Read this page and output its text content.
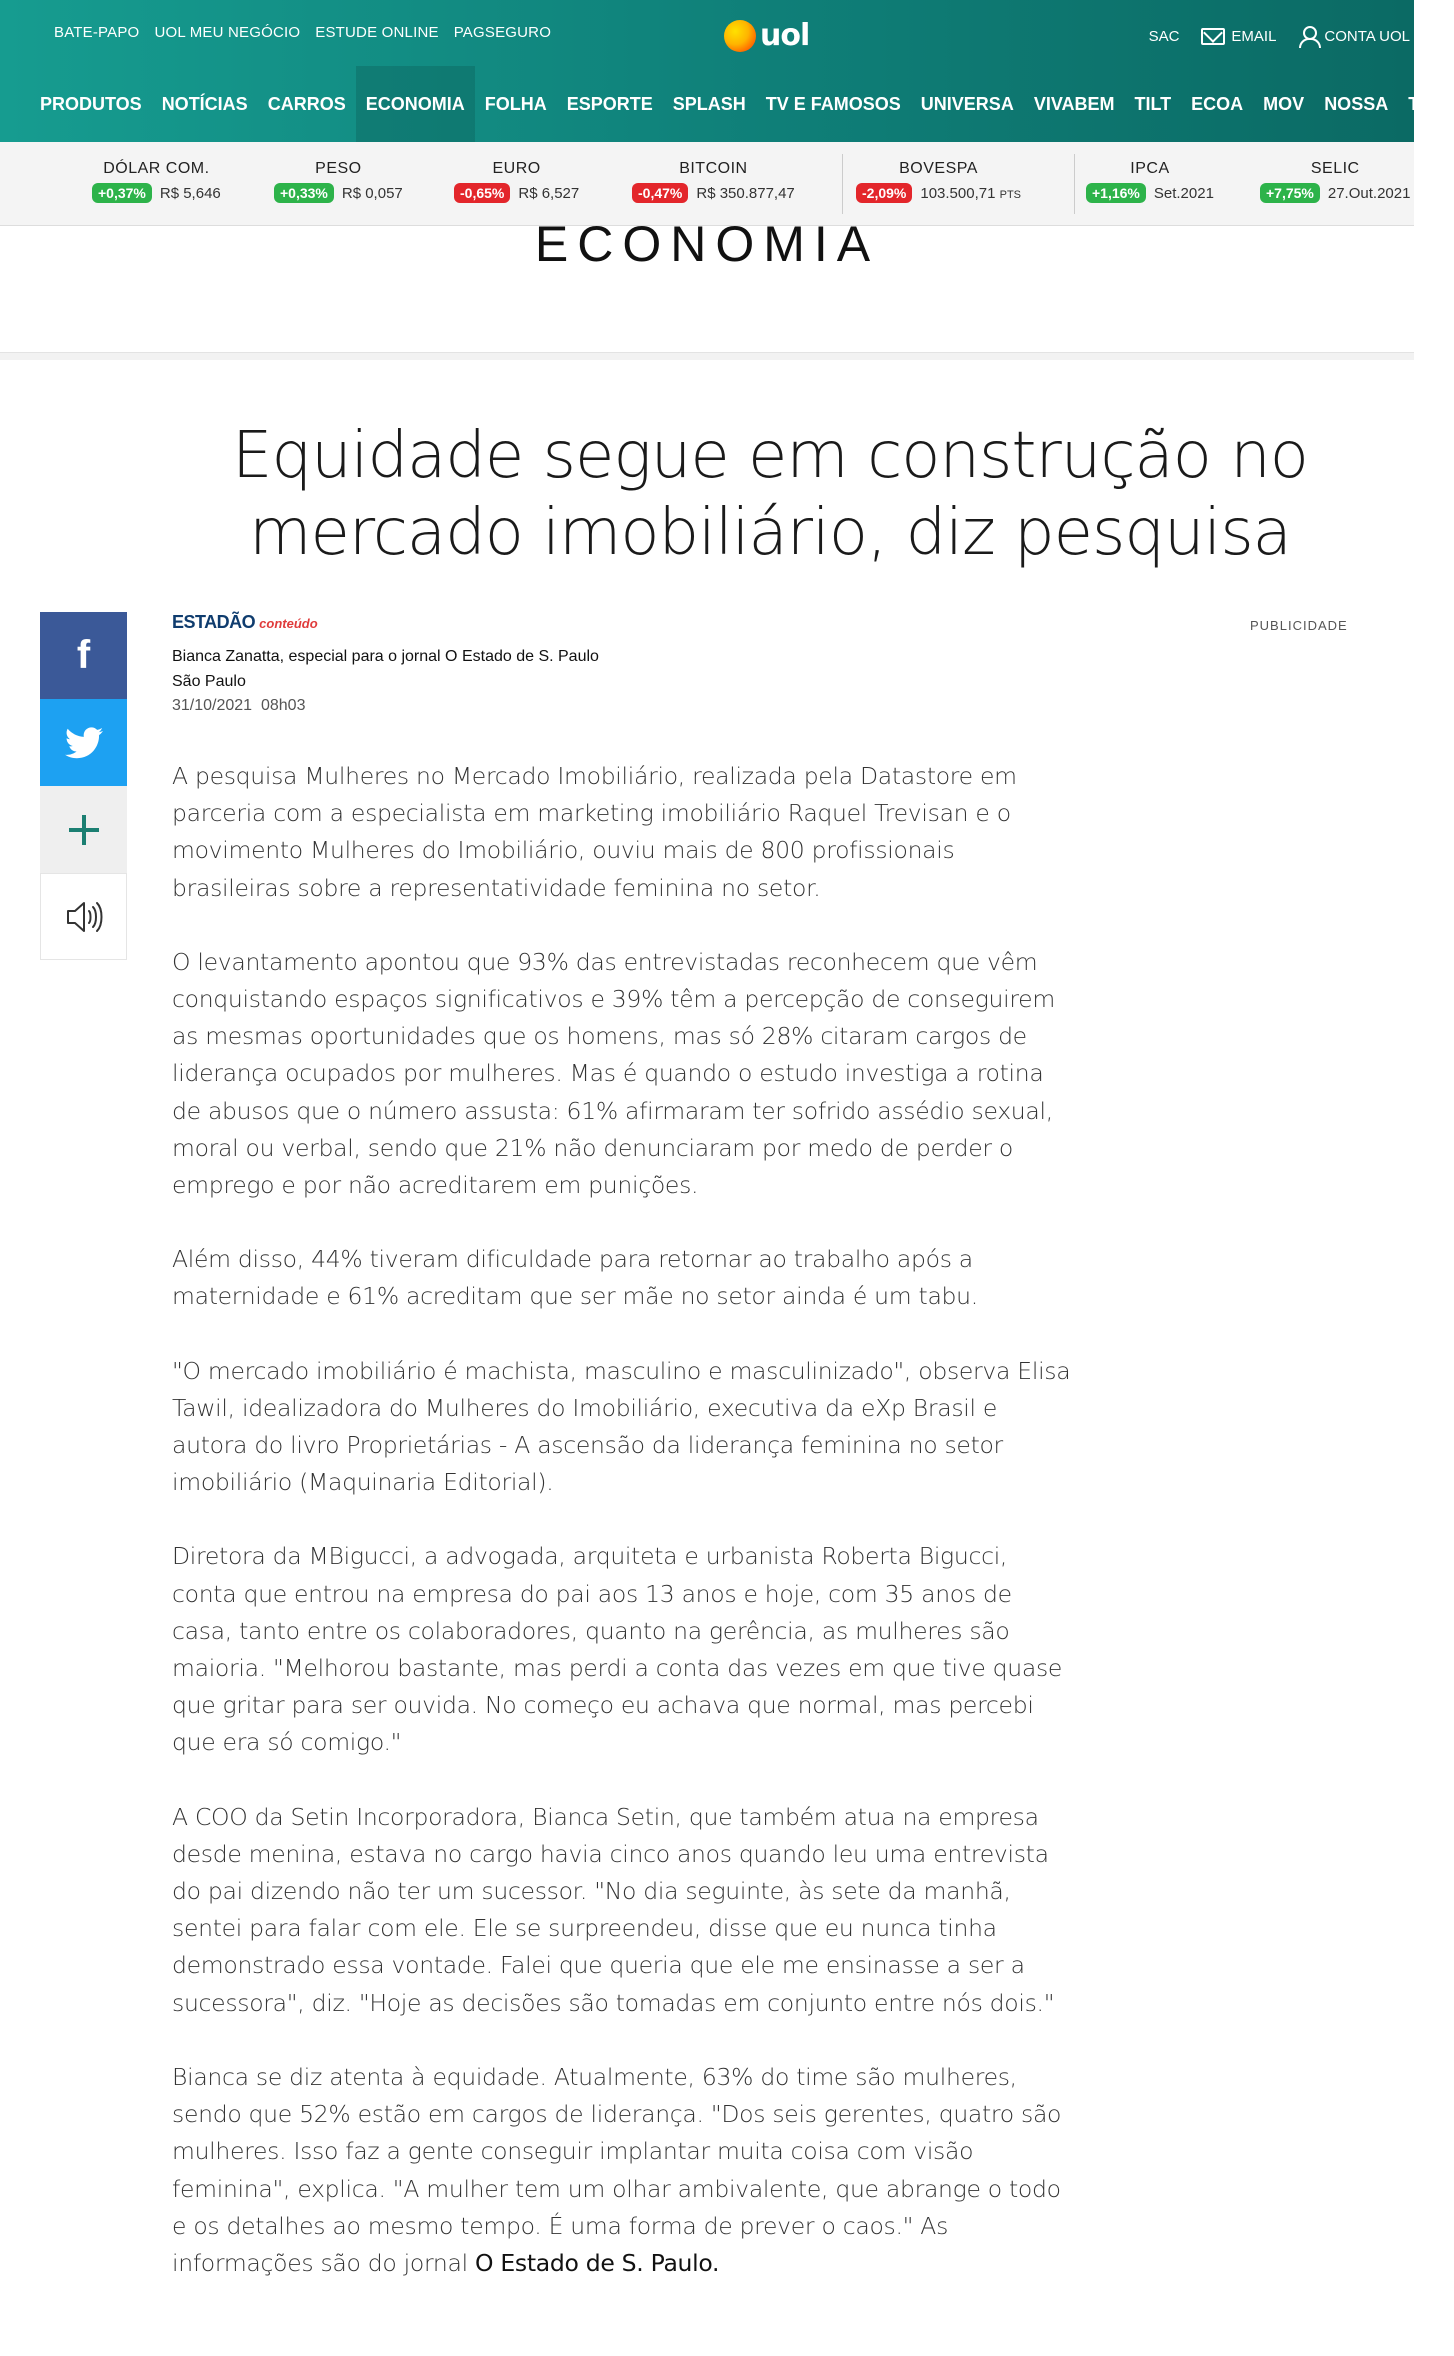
BATE-PAPO UOL MEU NEGÓCIO ESTUDE ONLINE PAGSEGURO	uol	SAC	EMAIL	CONTA UOL
PRODUTOS	NOTÍCIAS	CARROS	ECONOMIA	FOLHA	ESPORTE	SPLASH	TV E FAMOSOS	UNIVERSA	VIVABEM	TILT	ECOA	MOV	NOSSA	TAB
DÓLAR COM.
+0,37% R$ 5,646
PESO
+0,33% R$ 0,057
EURO
-0,65% R$ 6,527
BITCOIN
-0,47% R$ 350.877,47
BOVESPA
-2,09% 103.500,71 PTS
IPCA
+1,16% Set.2021
SELIC
+7,75% 27.Out.2021
ECONOMIA
Equidade segue em construção no mercado imobiliário, diz pesquisa
f
ESTADÃO conteúdo
Bianca Zanatta, especial para o jornal O Estado de S. Paulo
São Paulo
31/10/2021 08h03
PUBLICIDADE

A pesquisa Mulheres no Mercado Imobiliário, realizada pela Datastore em parceria com a especialista em marketing imobiliário Raquel Trevisan e o movimento Mulheres do Imobiliário, ouviu mais de 800 profissionais brasileiras sobre a representatividade feminina no setor.

O levantamento apontou que 93% das entrevistadas reconhecem que vêm conquistando espaços significativos e 39% têm a percepção de conseguirem as mesmas oportunidades que os homens, mas só 28% citaram cargos de liderança ocupados por mulheres. Mas é quando o estudo investiga a rotina de abusos que o número assusta: 61% afirmaram ter sofrido assédio sexual, moral ou verbal, sendo que 21% não denunciaram por medo de perder o emprego e por não acreditarem em punições.

Além disso, 44% tiveram dificuldade para retornar ao trabalho após a maternidade e 61% acreditam que ser mãe no setor ainda é um tabu.

"O mercado imobiliário é machista, masculino e masculinizado", observa Elisa Tawil, idealizadora do Mulheres do Imobiliário, executiva da eXp Brasil e autora do livro Proprietárias - A ascensão da liderança feminina no setor imobiliário (Maquinaria Editorial).

Diretora da MBigucci, a advogada, arquiteta e urbanista Roberta Bigucci, conta que entrou na empresa do pai aos 13 anos e hoje, com 35 anos de casa, tanto entre os colaboradores, quanto na gerência, as mulheres são maioria. "Melhorou bastante, mas perdi a conta das vezes em que tive quase que gritar para ser ouvida. No começo eu achava que normal, mas percebi que era só comigo."

A COO da Setin Incorporadora, Bianca Setin, que também atua na empresa desde menina, estava no cargo havia cinco anos quando leu uma entrevista do pai dizendo não ter um sucessor. "No dia seguinte, às sete da manhã, sentei para falar com ele. Ele se surpreendeu, disse que eu nunca tinha demonstrado essa vontade. Falei que queria que ele me ensinasse a ser a sucessora", diz. "Hoje as decisões são tomadas em conjunto entre nós dois."

Bianca se diz atenta à equidade. Atualmente, 63% do time são mulheres, sendo que 52% estão em cargos de liderança. "Dos seis gerentes, quatro são mulheres. Isso faz a gente conseguir implantar muita coisa com visão feminina", explica. "A mulher tem um olhar ambivalente, que abrange o todo e os detalhes ao mesmo tempo. É uma forma de prever o caos." As informações são do jornal O Estado de S. Paulo.
